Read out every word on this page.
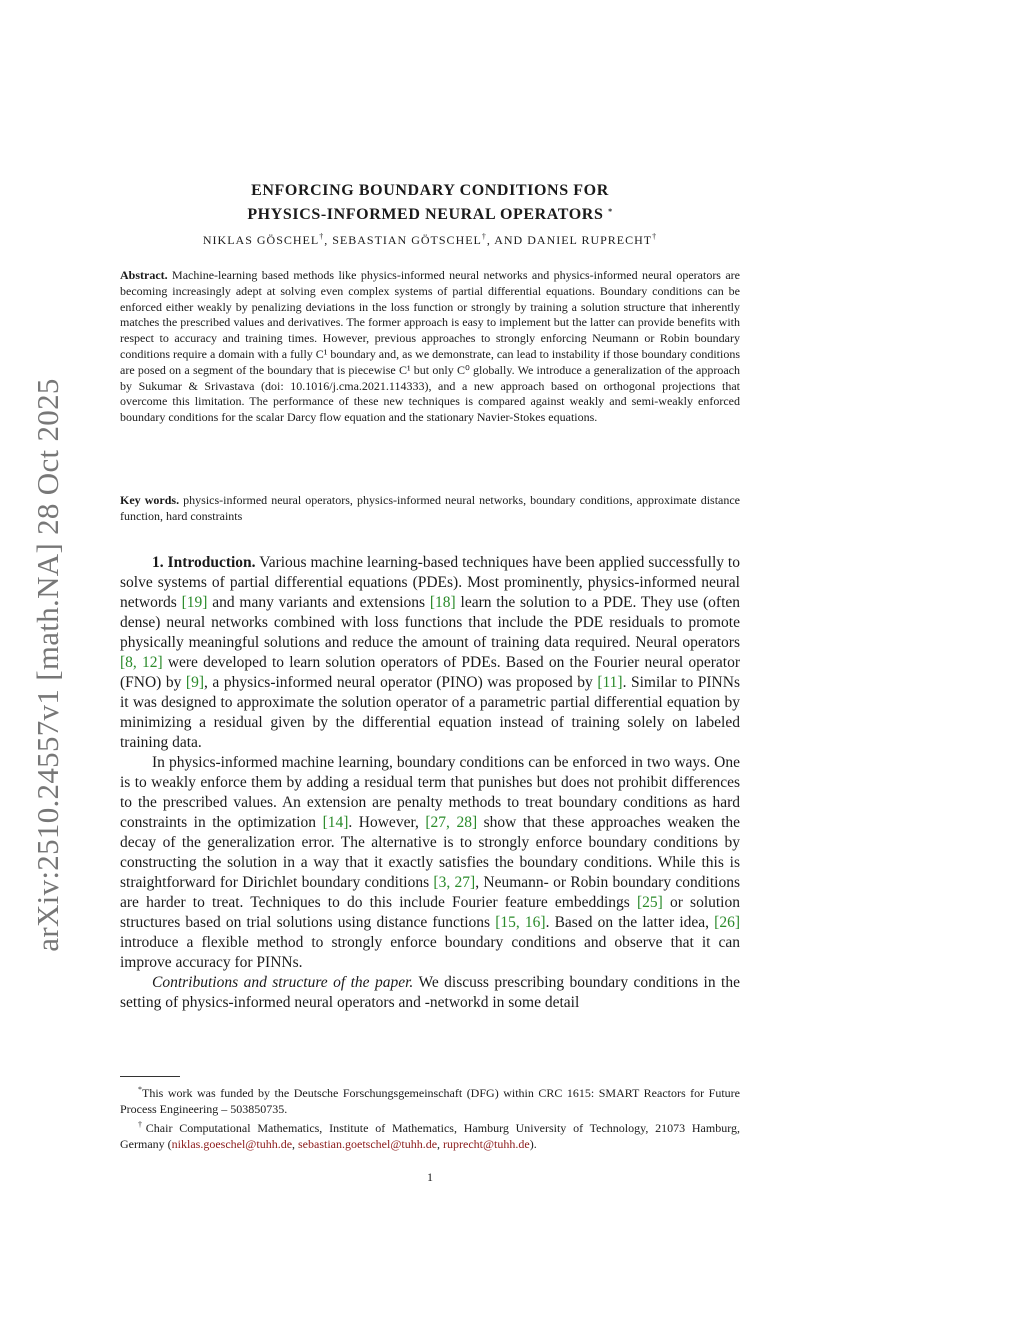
arXiv:2510.24557v1 [math.NA] 28 Oct 2025
ENFORCING BOUNDARY CONDITIONS FOR
PHYSICS-INFORMED NEURAL OPERATORS *
NIKLAS GÖSCHEL†, SEBASTIAN GÖTSCHEL†, AND DANIEL RUPRECHT†
Abstract. Machine-learning based methods like physics-informed neural networks and physics-informed neural operators are becoming increasingly adept at solving even complex systems of partial differential equations. Boundary conditions can be enforced either weakly by penalizing deviations in the loss function or strongly by training a solution structure that inherently matches the prescribed values and derivatives. The former approach is easy to implement but the latter can provide benefits with respect to accuracy and training times. However, previous approaches to strongly enforcing Neumann or Robin boundary conditions require a domain with a fully C¹ boundary and, as we demonstrate, can lead to instability if those boundary conditions are posed on a segment of the boundary that is piecewise C¹ but only C⁰ globally. We introduce a generalization of the approach by Sukumar & Srivastava (doi: 10.1016/j.cma.2021.114333), and a new approach based on orthogonal projections that overcome this limitation. The performance of these new techniques is compared against weakly and semi-weakly enforced boundary conditions for the scalar Darcy flow equation and the stationary Navier-Stokes equations.
Key words. physics-informed neural operators, physics-informed neural networks, boundary conditions, approximate distance function, hard constraints

1. Introduction. Various machine learning-based techniques have been applied successfully to solve systems of partial differential equations (PDEs). Most prominently, physics-informed neural networds [19] and many variants and extensions [18] learn the solution to a PDE. They use (often dense) neural networks combined with loss functions that include the PDE residuals to promote physically meaningful solutions and reduce the amount of training data required. Neural operators [8, 12] were developed to learn solution operators of PDEs. Based on the Fourier neural operator (FNO) by [9], a physics-informed neural operator (PINO) was proposed by [11]. Similar to PINNs it was designed to approximate the solution operator of a parametric partial differential equation by minimizing a residual given by the differential equation instead of training solely on labeled training data.

In physics-informed machine learning, boundary conditions can be enforced in two ways. One is to weakly enforce them by adding a residual term that punishes but does not prohibit differences to the prescribed values. An extension are penalty methods to treat boundary conditions as hard constraints in the optimization [14]. However, [27, 28] show that these approaches weaken the decay of the generalization error. The alternative is to strongly enforce boundary conditions by constructing the solution in a way that it exactly satisfies the boundary conditions. While this is straightforward for Dirichlet boundary conditions [3, 27], Neumann- or Robin boundary conditions are harder to treat. Techniques to do this include Fourier feature embeddings [25] or solution structures based on trial solutions using distance functions [15, 16]. Based on the latter idea, [26] introduce a flexible method to strongly enforce boundary conditions and observe that it can improve accuracy for PINNs.

Contributions and structure of the paper. We discuss prescribing boundary conditions in the setting of physics-informed neural operators and -networkd in some detail

*This work was funded by the Deutsche Forschungsgemeinschaft (DFG) within CRC 1615: SMART Reactors for Future Process Engineering – 503850735.

†Chair Computational Mathematics, Institute of Mathematics, Hamburg University of Technology, 21073 Hamburg, Germany (niklas.goeschel@tuhh.de, sebastian.goetschel@tuhh.de, ruprecht@tuhh.de).

1
